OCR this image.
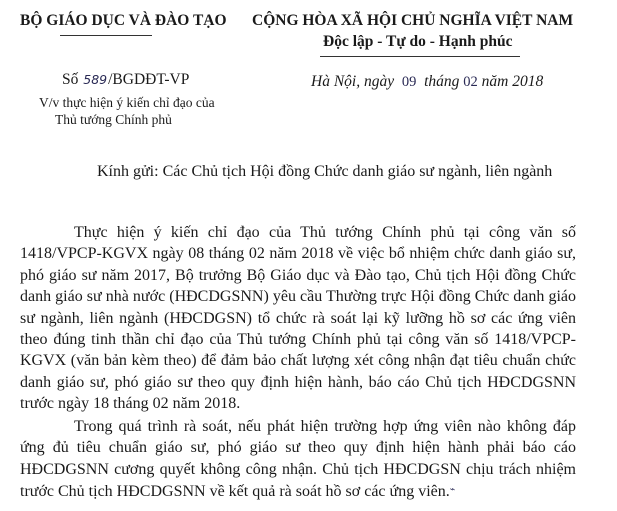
BỘ GIÁO DỤC VÀ ĐÀO TẠO CỘNG HÒA XÃ HỘI CHỦ NGHĨA VIỆT NAM
Độc lập - Tự do - Hạnh phúc
Số 589/BGDĐT-VP	Hà Nội, ngày 09 tháng 02 năm 2018
V/v thực hiện ý kiến chỉ đạo của
Thủ tướng Chính phủ
Kính gửi: Các Chủ tịch Hội đồng Chức danh giáo sư ngành, liên ngành
Thực hiện ý kiến chỉ đạo của Thủ tướng Chính phủ tại công văn số 1418/VPCP-KGVX ngày 08 tháng 02 năm 2018 về việc bổ nhiệm chức danh giáo sư, phó giáo sư năm 2017, Bộ trưởng Bộ Giáo dục và Đào tạo, Chủ tịch Hội đồng Chức danh giáo sư nhà nước (HĐCDGSNN) yêu cầu Thường trực Hội đồng Chức danh giáo sư ngành, liên ngành (HĐCDGSN) tổ chức rà soát lại kỹ lưỡng hồ sơ các ứng viên theo đúng tinh thần chỉ đạo của Thủ tướng Chính phủ tại công văn số 1418/VPCP-KGVX (văn bản kèm theo) để đảm bảo chất lượng xét công nhận đạt tiêu chuẩn chức danh giáo sư, phó giáo sư theo quy định hiện hành, báo cáo Chủ tịch HĐCDGSNN trước ngày 18 tháng 02 năm 2018.
Trong quá trình rà soát, nếu phát hiện trường hợp ứng viên nào không đáp ứng đủ tiêu chuẩn giáo sư, phó giáo sư theo quy định hiện hành phải báo cáo HĐCDGSNN cương quyết không công nhận. Chủ tịch HĐCDGSN chịu trách nhiệm trước Chủ tịch HĐCDGSNN về kết quả rà soát hồ sơ các ứng viên.⌁
